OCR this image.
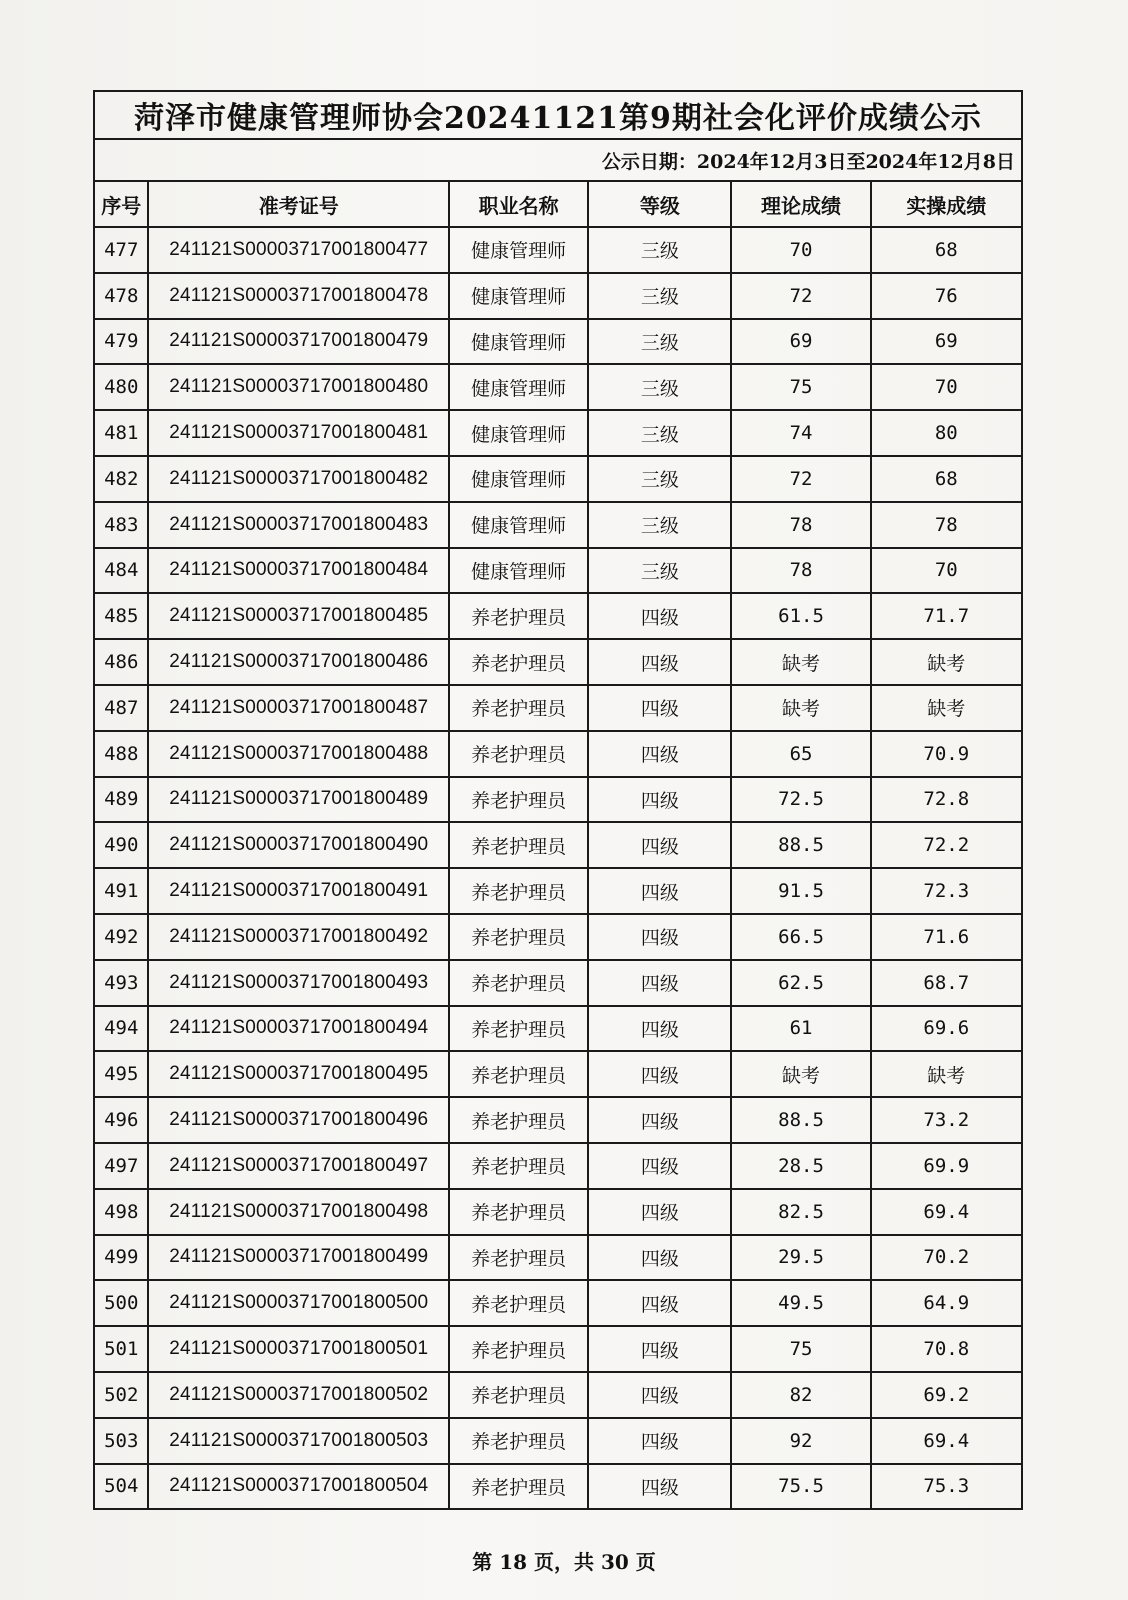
菏泽市健康管理师协会20241121第9期社会化评价成绩公示					
公示日期：2024年12月3日至2024年12月8日					
序号	准考证号	职业名称	等级	理论成绩	实操成绩
477	241121S00003717001800477	健康管理师	三级	70	68
478	241121S00003717001800478	健康管理师	三级	72	76
479	241121S00003717001800479	健康管理师	三级	69	69
480	241121S00003717001800480	健康管理师	三级	75	70
481	241121S00003717001800481	健康管理师	三级	74	80
482	241121S00003717001800482	健康管理师	三级	72	68
483	241121S00003717001800483	健康管理师	三级	78	78
484	241121S00003717001800484	健康管理师	三级	78	70
485	241121S00003717001800485	养老护理员	四级	61.5	71.7
486	241121S00003717001800486	养老护理员	四级	缺考	缺考
487	241121S00003717001800487	养老护理员	四级	缺考	缺考
488	241121S00003717001800488	养老护理员	四级	65	70.9
489	241121S00003717001800489	养老护理员	四级	72.5	72.8
490	241121S00003717001800490	养老护理员	四级	88.5	72.2
491	241121S00003717001800491	养老护理员	四级	91.5	72.3
492	241121S00003717001800492	养老护理员	四级	66.5	71.6
493	241121S00003717001800493	养老护理员	四级	62.5	68.7
494	241121S00003717001800494	养老护理员	四级	61	69.6
495	241121S00003717001800495	养老护理员	四级	缺考	缺考
496	241121S00003717001800496	养老护理员	四级	88.5	73.2
497	241121S00003717001800497	养老护理员	四级	28.5	69.9
498	241121S00003717001800498	养老护理员	四级	82.5	69.4
499	241121S00003717001800499	养老护理员	四级	29.5	70.2
500	241121S00003717001800500	养老护理员	四级	49.5	64.9
501	241121S00003717001800501	养老护理员	四级	75	70.8
502	241121S00003717001800502	养老护理员	四级	82	69.2
503	241121S00003717001800503	养老护理员	四级	92	69.4
504	241121S00003717001800504	养老护理员	四级	75.5	75.3
第 18 页，共 30 页
